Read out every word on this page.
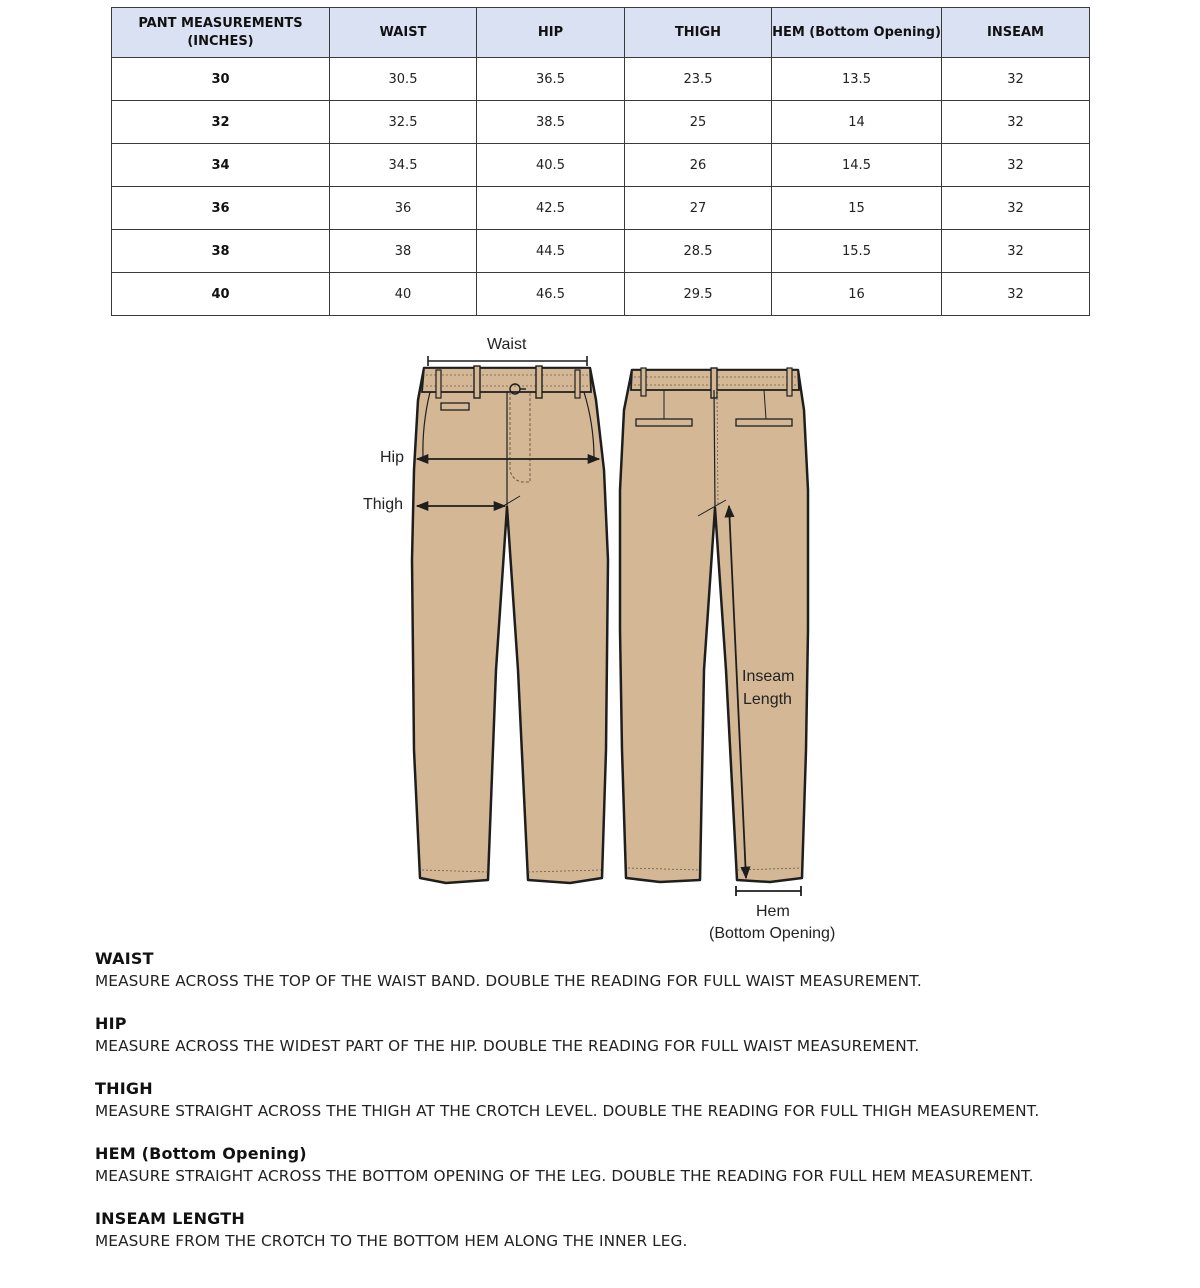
PANT MEASUREMENTS
(INCHES)	WAIST	HIP	THIGH	HEM (Bottom Opening)	INSEAM
30	30.5	36.5	23.5	13.5	32
32	32.5	38.5	25	14	32
34	34.5	40.5	26	14.5	32
36	36	42.5	27	15	32
38	38	44.5	28.5	15.5	32
40	40	46.5	29.5	16	32
Waist
Hip
Thigh
Inseam
Length
Hem
(Bottom Opening)
WAIST
MEASURE ACROSS THE TOP OF THE WAIST BAND. DOUBLE THE READING FOR FULL WAIST MEASUREMENT.
HIP
MEASURE ACROSS THE WIDEST PART OF THE HIP. DOUBLE THE READING FOR FULL WAIST MEASUREMENT.
THIGH
MEASURE STRAIGHT ACROSS THE THIGH AT THE CROTCH LEVEL. DOUBLE THE READING FOR FULL THIGH MEASUREMENT.
HEM (Bottom Opening)
MEASURE STRAIGHT ACROSS THE BOTTOM OPENING OF THE LEG. DOUBLE THE READING FOR FULL HEM MEASUREMENT.
INSEAM LENGTH
MEASURE FROM THE CROTCH TO THE BOTTOM HEM ALONG THE INNER LEG.
